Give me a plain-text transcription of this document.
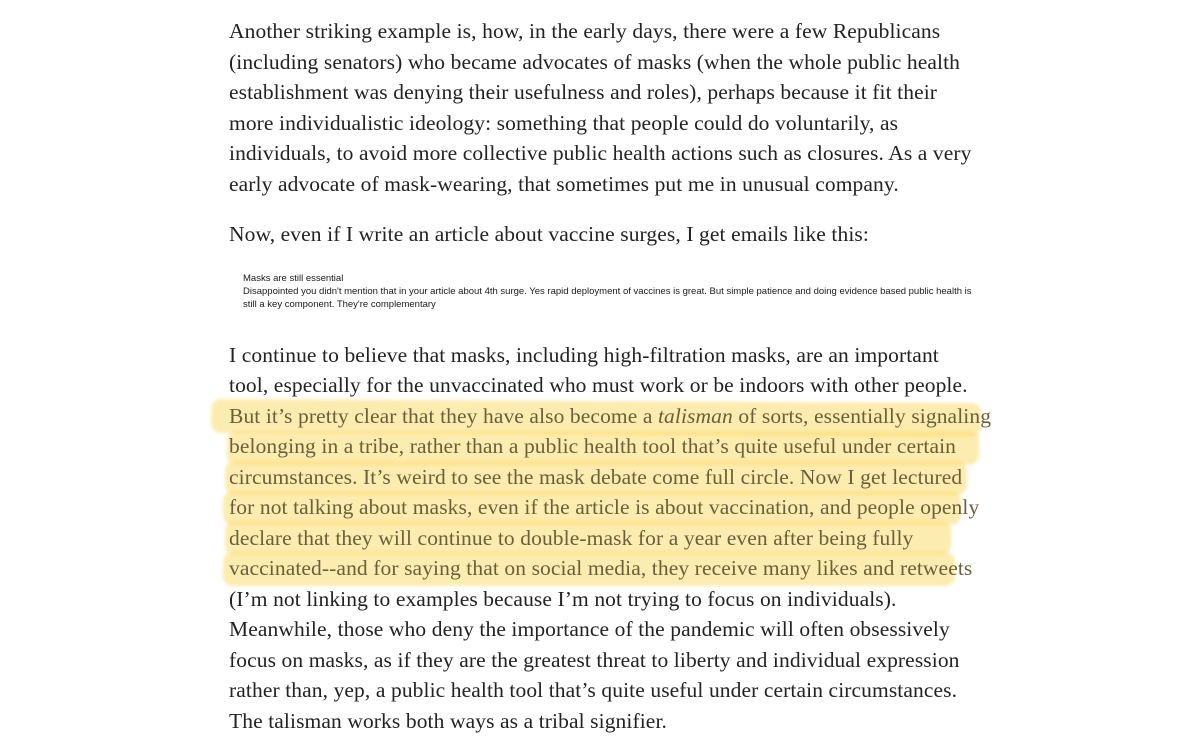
Another striking example is, how, in the early days, there were a few Republicans
(including senators) who became advocates of masks (when the whole public health
establishment was denying their usefulness and roles), perhaps because it fit their
more individualistic ideology: something that people could do voluntarily, as
individuals, to avoid more collective public health actions such as closures. As a very
early advocate of mask-wearing, that sometimes put me in unusual company.
Now, even if I write an article about vaccine surges, I get emails like this:
Masks are still essential
Disappointed you didn't mention that in your article about 4th surge. Yes rapid deployment of vaccines is great. But simple patience and doing evidence based public health is still a key component. They're complementary
I continue to believe that masks, including high-filtration masks, are an important
tool, especially for the unvaccinated who must work or be indoors with other people.
But it’s pretty clear that they have also become a talisman of sorts, essentially signaling
belonging in a tribe, rather than a public health tool that’s quite useful under certain
circumstances. It’s weird to see the mask debate come full circle. Now I get lectured
for not talking about masks, even if the article is about vaccination, and people openly
declare that they will continue to double-mask for a year even after being fully
vaccinated--and for saying that on social media, they receive many likes and retweets
(I’m not linking to examples because I’m not trying to focus on individuals).
Meanwhile, those who deny the importance of the pandemic will often obsessively
focus on masks, as if they are the greatest threat to liberty and individual expression
rather than, yep, a public health tool that’s quite useful under certain circumstances.
The talisman works both ways as a tribal signifier.
